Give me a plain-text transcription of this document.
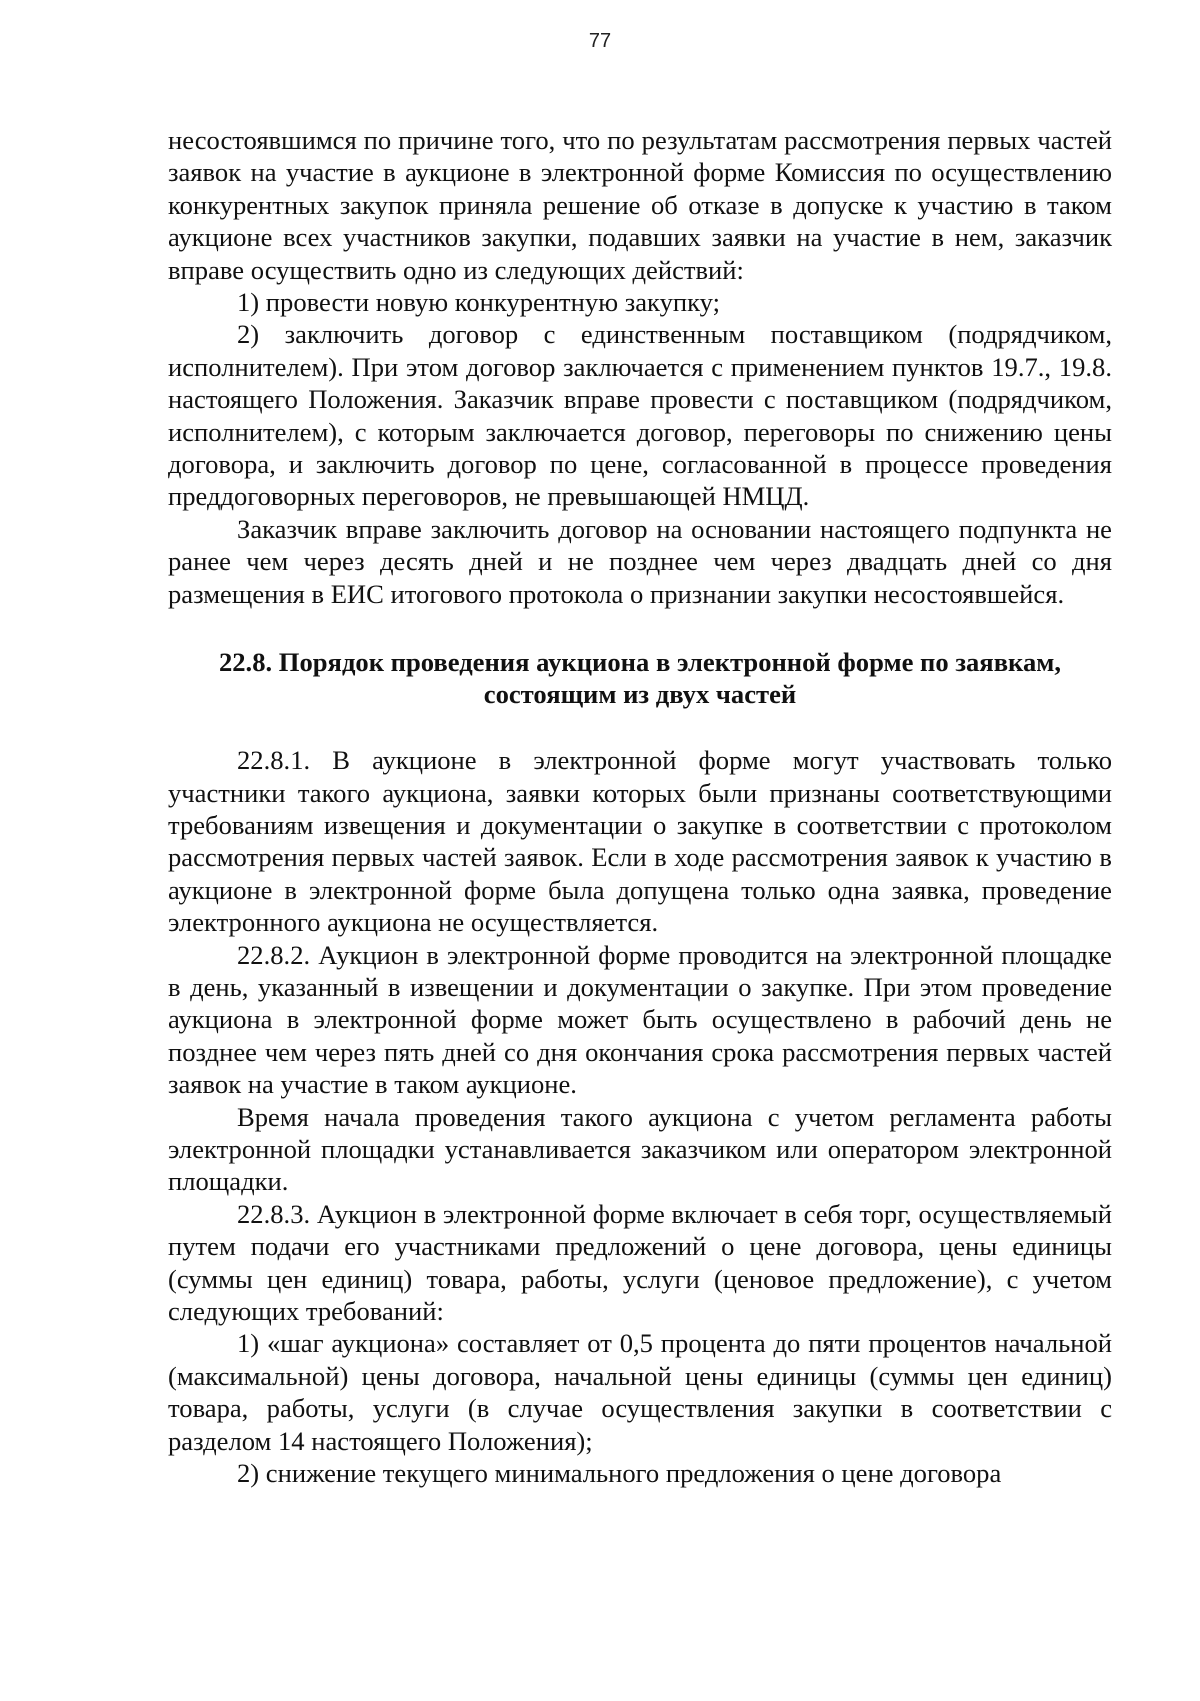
77

несостоявшимся по причине того, что по результатам рассмотрения первых частей заявок на участие в аукционе в электронной форме Комиссия по осуществлению конкурентных закупок приняла решение об отказе в допуске к участию в таком аукционе всех участников закупки, подавших заявки на участие в нем, заказчик вправе осуществить одно из следующих действий:

1) провести новую конкурентную закупку;

2) заключить договор с единственным поставщиком (подрядчиком, исполнителем). При этом договор заключается с применением пунктов 19.7., 19.8. настоящего Положения. Заказчик вправе провести с поставщиком (подрядчиком, исполнителем), с которым заключается договор, переговоры по снижению цены договора, и заключить договор по цене, согласованной в процессе проведения преддоговорных переговоров, не превышающей НМЦД.

Заказчик вправе заключить договор на основании настоящего подпункта не ранее чем через десять дней и не позднее чем через двадцать дней со дня размещения в ЕИС итогового протокола о признании закупки несостоявшейся.

22.8. Порядок проведения аукциона в электронной форме по заявкам,
состоящим из двух частей

22.8.1. В аукционе в электронной форме могут участвовать только участники такого аукциона, заявки которых были признаны соответствующими требованиям извещения и документации о закупке в соответствии с протоколом рассмотрения первых частей заявок. Если в ходе рассмотрения заявок к участию в аукционе в электронной форме была допущена только одна заявка, проведение электронного аукциона не осуществляется.

22.8.2. Аукцион в электронной форме проводится на электронной площадке в день, указанный в извещении и документации о закупке. При этом проведение аукциона в электронной форме может быть осуществлено в рабочий день не позднее чем через пять дней со дня окончания срока рассмотрения первых частей заявок на участие в таком аукционе.

Время начала проведения такого аукциона с учетом регламента работы электронной площадки устанавливается заказчиком или оператором электронной площадки.

22.8.3. Аукцион в электронной форме включает в себя торг, осуществляемый путем подачи его участниками предложений о цене договора, цены единицы (суммы цен единиц) товара, работы, услуги (ценовое предложение), с учетом следующих требований:

1) «шаг аукциона» составляет от 0,5 процента до пяти процентов начальной (максимальной) цены договора, начальной цены единицы (суммы цен единиц) товара, работы, услуги (в случае осуществления закупки в соответствии с разделом 14 настоящего Положения);

2) снижение текущего минимального предложения о цене договора
